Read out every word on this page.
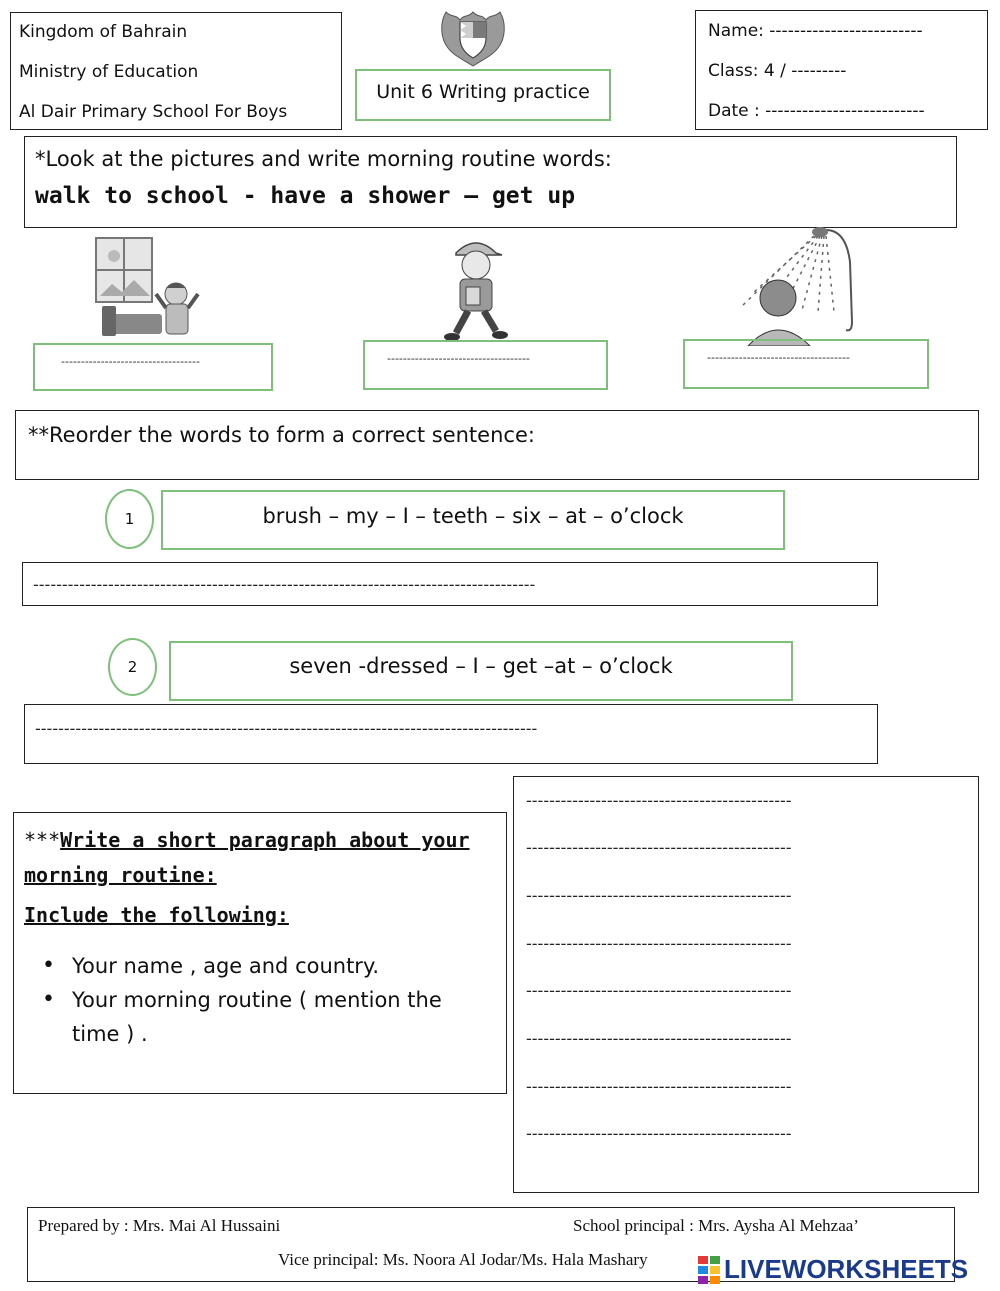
Kingdom of Bahrain
Ministry of Education
Al Dair Primary School For Boys
Unit 6 Writing practice
Name: -------------------------
Class: 4 / ---------
Date : --------------------------
*Look at the pictures and write morning routine words:
walk to school - have a shower – get up
-----------------------------------	------------------------------------	------------------------------------
**Reorder the words to form a correct sentence:
1	brush – my – I – teeth – six – at – o’clock
---------------------------------------------------------------------------------------
2	seven -dressed – I – get –at – o’clock
---------------------------------------------------------------------------------------
***Write a short paragraph about your morning routine:
Include the following:
• Your name , age and country.
• Your morning routine ( mention the time ) .
----------------------------------------------
----------------------------------------------
----------------------------------------------
----------------------------------------------
----------------------------------------------
----------------------------------------------
----------------------------------------------
----------------------------------------------
Prepared by : Mrs. Mai Al Hussaini	School principal : Mrs. Aysha Al Mehzaa’
Vice principal: Ms. Noora Al Jodar/Ms. Hala Mashary	LIVEWORKSHEETS
